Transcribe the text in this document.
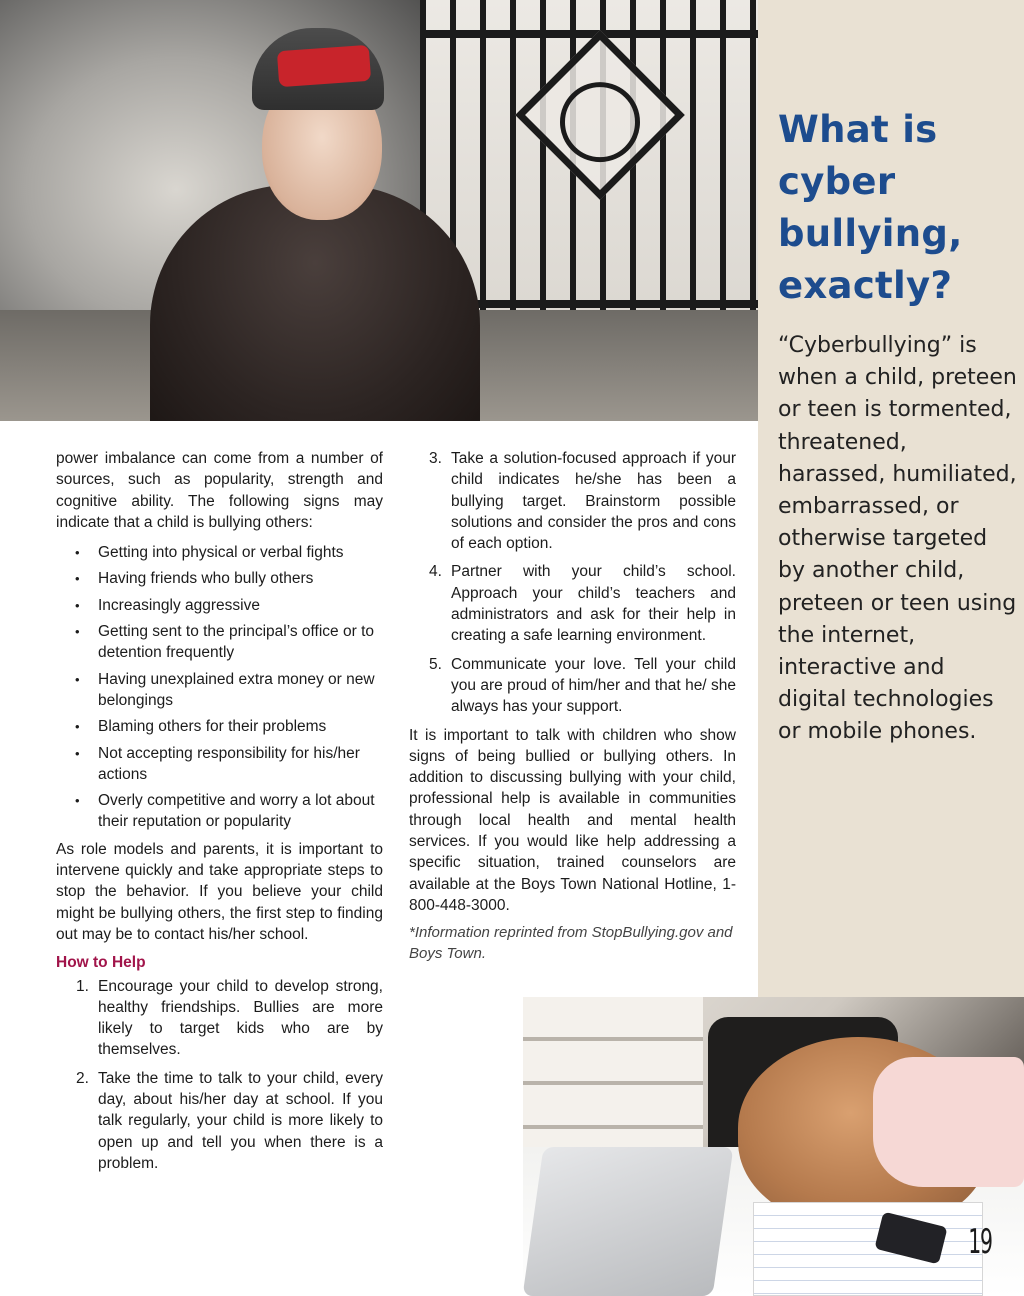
What is cyber bullying, exactly?

“Cyberbullying” is when a child, preteen or teen is tormented, threatened, harassed, humiliated, embarrassed, or otherwise targeted by another child, preteen or teen using the internet, interactive and digital technologies or mobile phones.

power imbalance can come from a number of sources, such as popularity, strength and cognitive ability. The following signs may indicate that a child is bullying others:

• Getting into physical or verbal fights
• Having friends who bully others
• Increasingly aggressive
• Getting sent to the principal’s office or to detention frequently
• Having unexplained extra money or new belongings
• Blaming others for their problems
• Not accepting responsibility for his/her actions
• Overly competitive and worry a lot about their reputation or popularity

As role models and parents, it is important to intervene quickly and take appropriate steps to stop the behavior. If you believe your child might be bullying others, the first step to finding out may be to contact his/her school.

How to Help
1. Encourage your child to develop strong, healthy friendships. Bullies are more likely to target kids who are by themselves.
2. Take the time to talk to your child, every day, about his/her day at school. If you talk regularly, your child is more likely to open up and tell you when there is a problem.
3. Take a solution-focused approach if your child indicates he/she has been a bullying target. Brainstorm possible solutions and consider the pros and cons of each option.
4. Partner with your child’s school. Approach your child’s teachers and administrators and ask for their help in creating a safe learning environment.
5. Communicate your love. Tell your child you are proud of him/her and that he/ she always has your support.

It is important to talk with children who show signs of being bullied or bullying others. In addition to discussing bullying with your child, professional help is available in communities through local health and mental health services. If you would like help addressing a specific situation, trained counselors are available at the Boys Town National Hotline, 1-800-448-3000.

*Information reprinted from StopBullying.gov and Boys Town.

19
